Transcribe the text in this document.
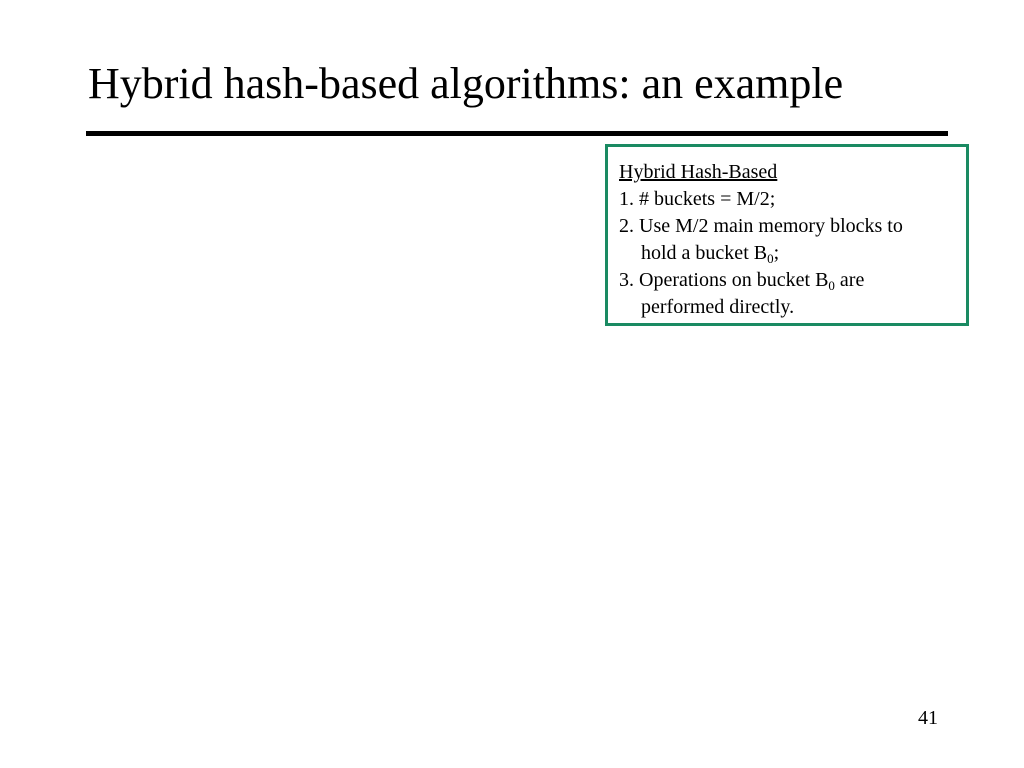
Hybrid hash-based algorithms: an example
Hybrid Hash-Based
1. # buckets = M/2;
2. Use M/2 main memory blocks to
hold a bucket $B_0$;
3. Operations on bucket $B_0$ are
performed directly.
41
